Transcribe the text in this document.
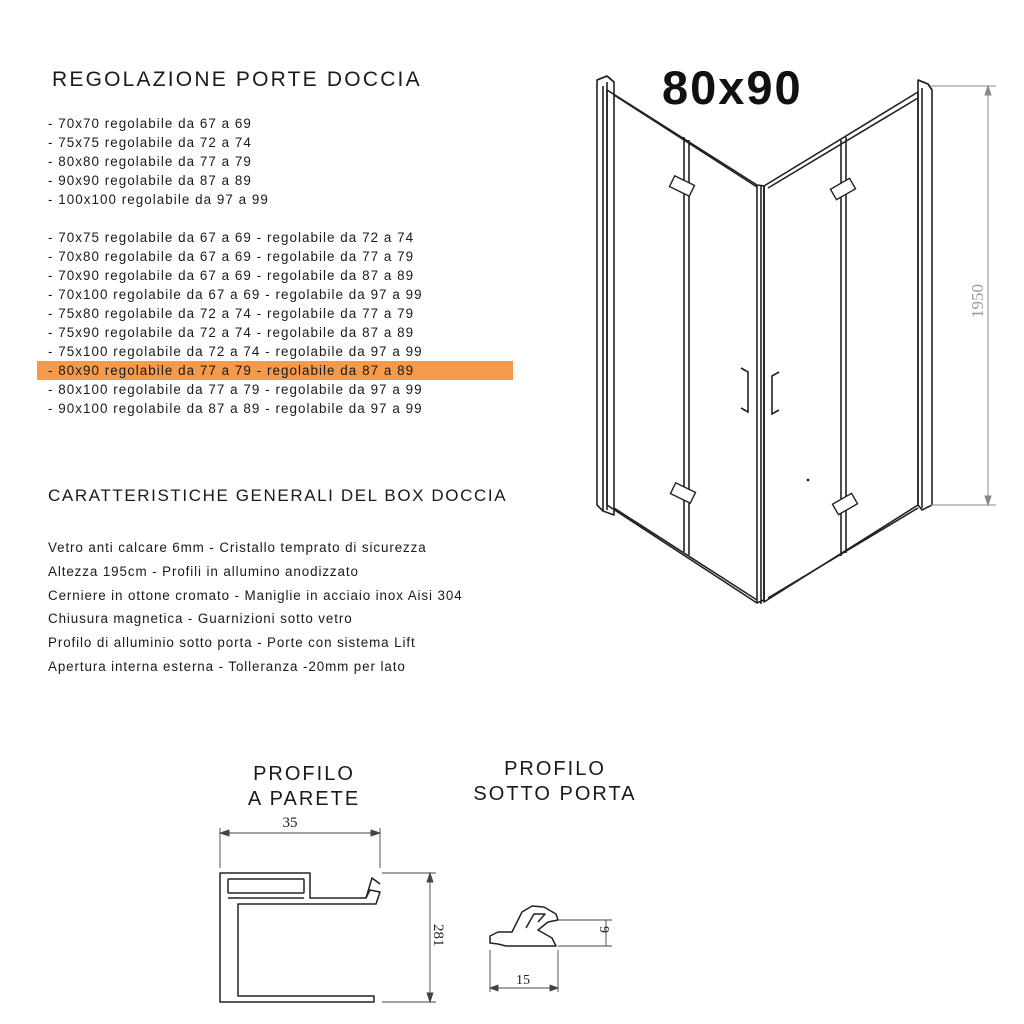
REGOLAZIONE PORTE DOCCIA
- 70x70 regolabile da 67 a 69
- 75x75 regolabile da 72 a 74
- 80x80 regolabile da 77 a 79
- 90x90 regolabile da 87 a 89
- 100x100 regolabile da 97 a 99
- 70x75 regolabile da 67 a 69 - regolabile da 72 a 74
- 70x80 regolabile da 67 a 69 - regolabile da 77 a 79
- 70x90 regolabile da 67 a 69 - regolabile da 87 a 89
- 70x100 regolabile da 67 a 69 - regolabile da 97 a 99
- 75x80 regolabile da 72 a 74 - regolabile da 77 a 79
- 75x90 regolabile da 72 a 74 - regolabile da 87 a 89
- 75x100 regolabile da 72 a 74 - regolabile da 97 a 99
- 80x90 regolabile da 77 a 79 - regolabile da 87 a 89
- 80x100 regolabile da 77 a 79 - regolabile da 97 a 99
- 90x100 regolabile da 87 a 89 - regolabile da 97 a 99
CARATTERISTICHE GENERALI DEL BOX DOCCIA
Vetro anti calcare 6mm - Cristallo temprato di sicurezza
Altezza 195cm - Profili in allumino anodizzato
Cerniere in ottone cromato - Maniglie in acciaio inox Aisi 304
Chiusura magnetica - Guarnizioni sotto vetro
Profilo di alluminio sotto porta - Porte con sistema Lift
Apertura interna esterna - Tolleranza -20mm per lato
80x90
1950
PROFILO
A PARETE
PROFILO
SOTTO PORTA
35
281	9
15
